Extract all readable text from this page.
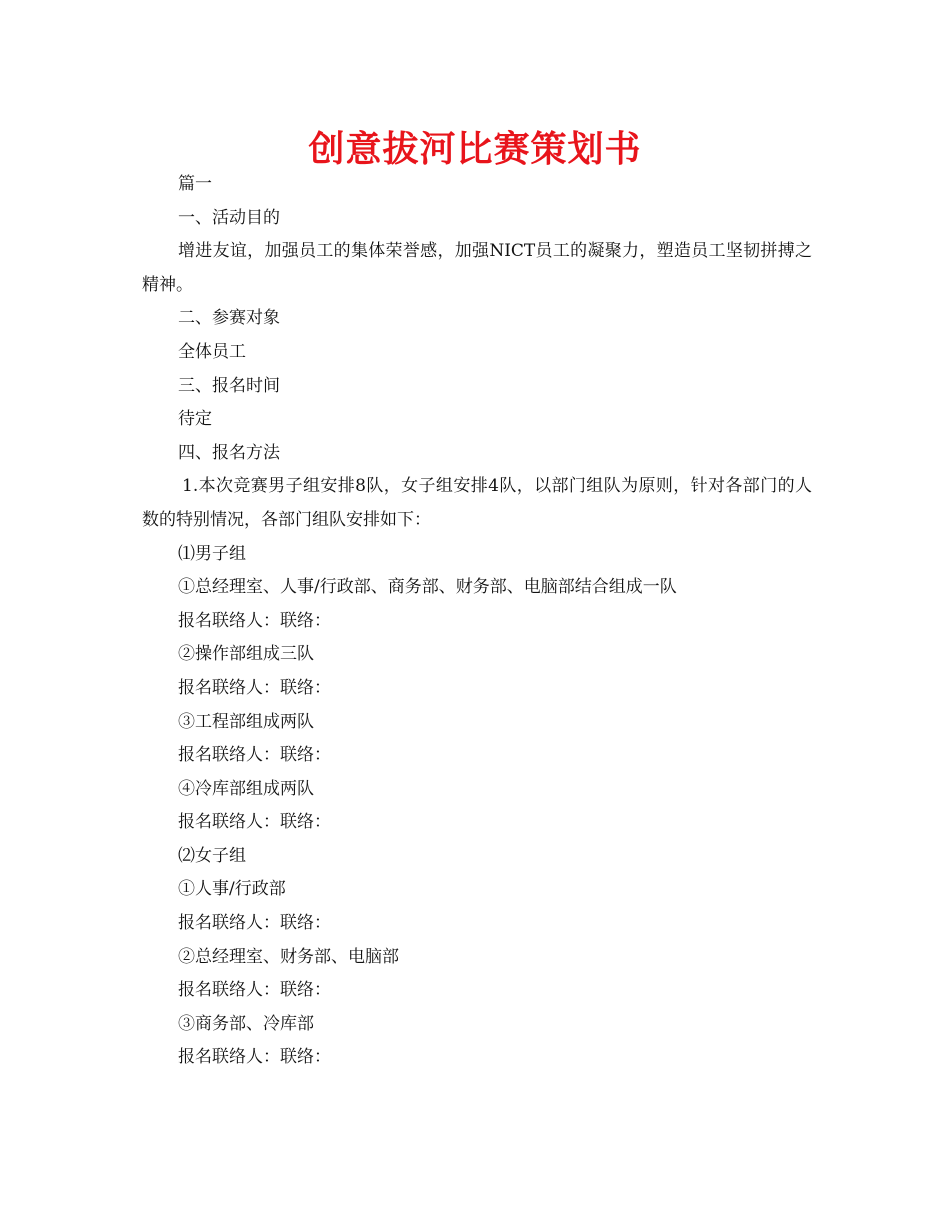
创意拔河比赛策划书

篇一

一、活动目的

增进友谊，加强员工的集体荣誉感，加强NICT员工的凝聚力，塑造员工坚韧拼搏之精神。

二、参赛对象

全体员工

三、报名时间

待定

四、报名方法

1.本次竞赛男子组安排8队，女子组安排4队，以部门组队为原则，针对各部门的人数的特别情况，各部门组队安排如下：

⑴男子组

①总经理室、人事/行政部、商务部、财务部、电脑部结合组成一队

报名联络人：联络：

②操作部组成三队

报名联络人：联络：

③工程部组成两队

报名联络人：联络：

④冷库部组成两队

报名联络人：联络：

⑵女子组

①人事/行政部

报名联络人：联络：

②总经理室、财务部、电脑部

报名联络人：联络：

③商务部、冷库部

报名联络人：联络：
